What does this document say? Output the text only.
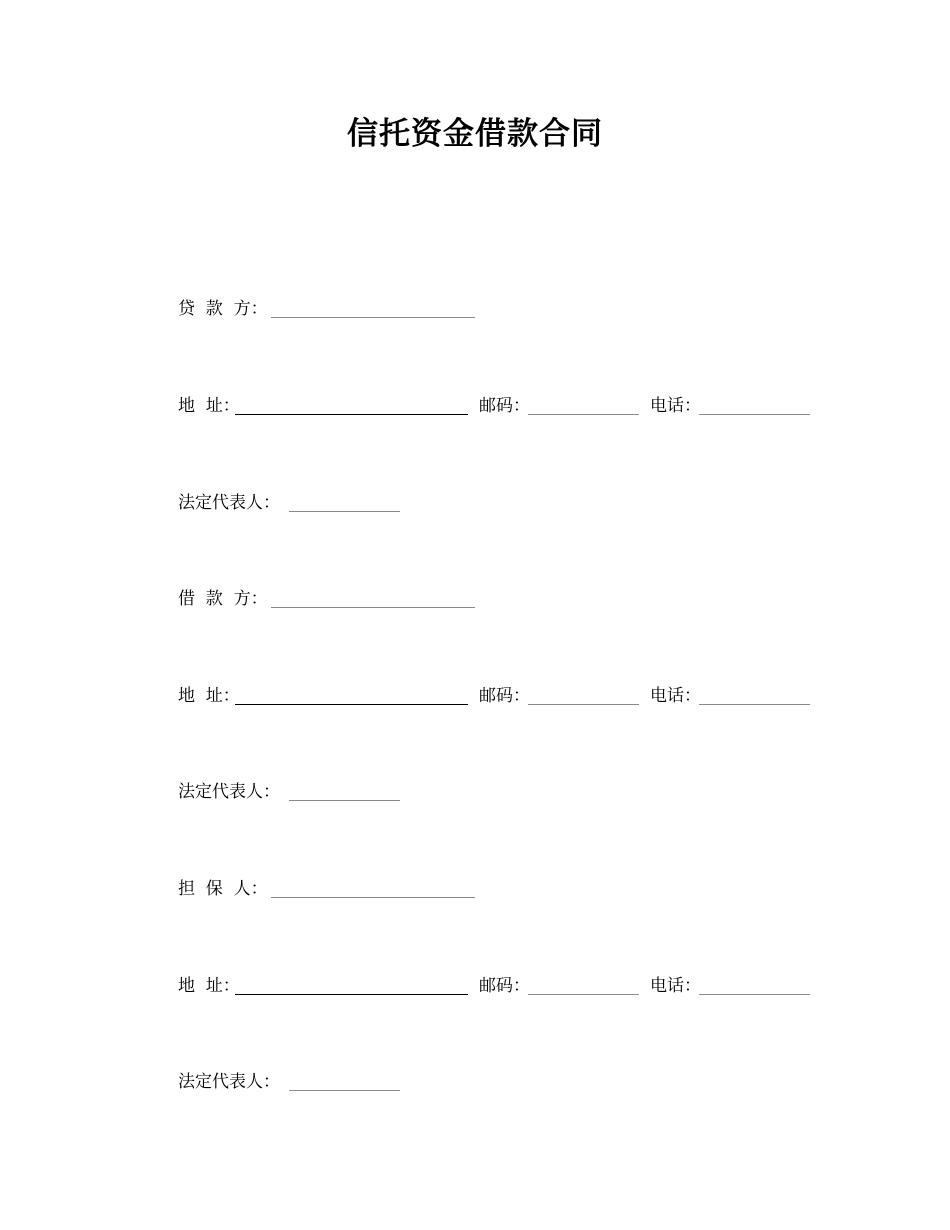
信托资金借款合同
贷  款  方：
地  址：	邮码：	电话：
法定代表人：
借  款  方：
地  址：	邮码：	电话：
法定代表人：
担  保  人：
地  址：	邮码：	电话：
法定代表人：
